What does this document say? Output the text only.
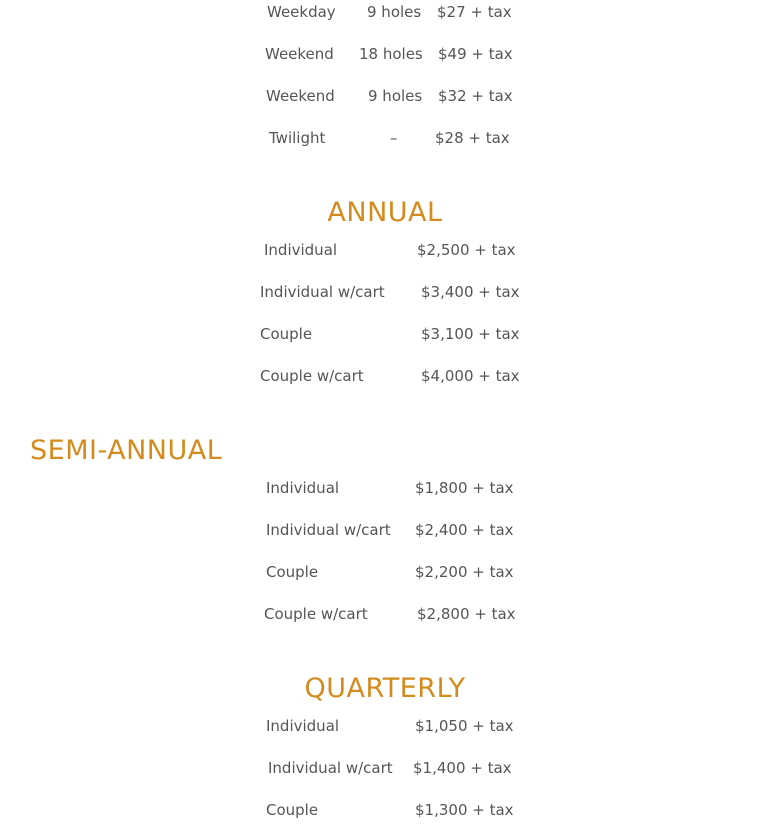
Weekday 9 holes $27 + tax
Weekend 18 holes $49 + tax
Weekend 9 holes $32 + tax
Twilight	–	$28 + tax
ANNUAL
Individual	$2,500 + tax
Individual w/cart $3,400 + tax
Couple	$3,100 + tax
Couple w/cart	$4,000 + tax
SEMI-ANNUAL
Individual	$1,800 + tax
Individual w/cart $2,400 + tax
Couple	$2,200 + tax
Couple w/cart	$2,800 + tax
QUARTERLY
Individual	$1,050 + tax
Individual w/cart $1,400 + tax
Couple	$1,300 + tax
